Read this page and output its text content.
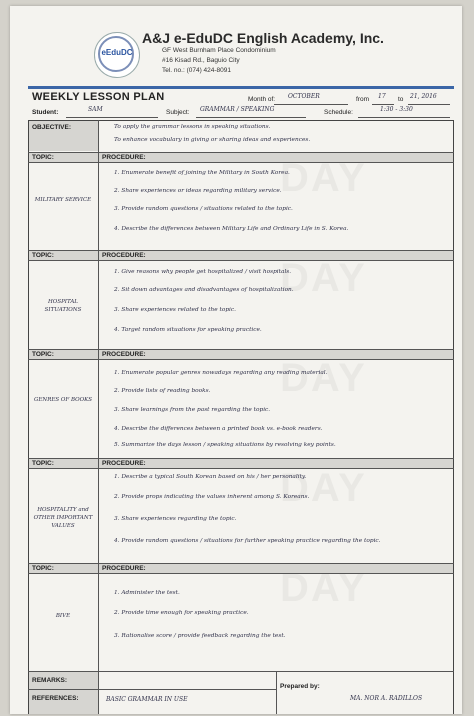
eEduDC
A&J e-EduDC English Academy, Inc.
GF West Burnham Place Condominium
#16 Kisad Rd., Baguio City
Tel. no.: (074) 424-8091
WEEKLY LESSON PLAN	Month of: OCTOBER	from 17 to 21, 2016
Student:	SAM	Subject: GRAMMAR / SPEAKING	Schedule:	1:30 - 3:30
OBJECTIVE:	To apply the grammar lessons in speaking situations.
To enhance vocabulary in giving or sharing ideas and experiences.
TOPIC:	PROCEDURE:
MILITARY SERVICE
1. Enumerate benefit of joining the Military in South Korea.
2. Share experiences or ideas regarding military service.
3. Provide random questions / situations related to the topic.
4. Describe the differences between Military Life and Ordinary Life in S. Korea.
TOPIC:	PROCEDURE:
HOSPITAL SITUATIONS
1. Give reasons why people get hospitalized / visit hospitals.
2. Sit down advantages and disadvantages of hospitalization.
3. Share experiences related to the topic.
4. Target random situations for speaking practice.
TOPIC:	PROCEDURE:
GENRES OF BOOKS
1. Enumerate popular genres nowadays regarding any reading material.
2. Provide lists of reading books.
3. Share learnings from the past regarding the topic.
4. Describe the differences between a printed book vs. e-book readers.
5. Summarize the days lesson / speaking situations by resolving key points.
TOPIC:	PROCEDURE:
HOSPITALITY and OTHER IMPORTANT VALUES
1. Describe a typical South Korean based on his / her personality.
2. Provide props indicating the values inherent among S. Koreans.
3. Share experiences regarding the topic.
4. Provide random questions / situations for further speaking practice regarding the topic.
TOPIC:	PROCEDURE:
BIVE
1. Administer the test.
2. Provide time enough for speaking practice.
3. Rationalise score / provide feedback regarding the test.
REMARKS:
REFERENCES:	BASIC GRAMMAR IN USE
Prepared by:
MA. NOR A. RADILLOS
